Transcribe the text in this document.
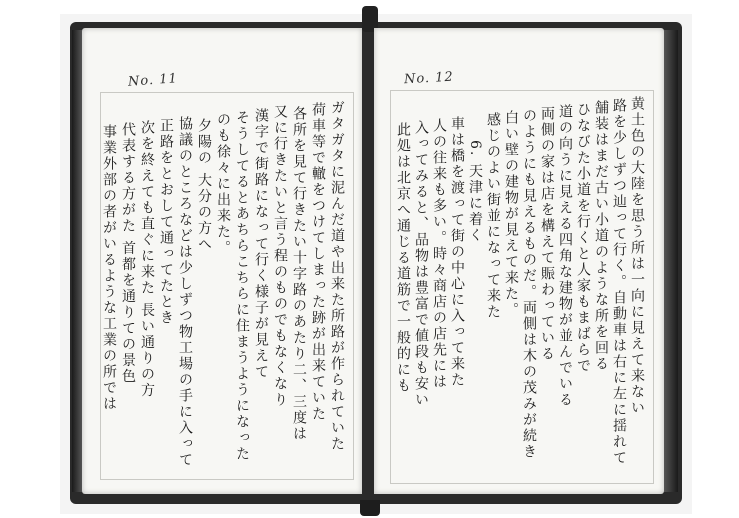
No. 11	No. 12
ガタガタに泥んだ道や出来た所路が作られていた
荷車等で轍をつけてしまった跡が出来ていた
各所を見て行きたい十字路のあたり二、三度は
又に行きたいと言う程のものでもなくなり
漢字で街路になって行く様子が見えて
そうしてるとあちらこちらに住まうようになった
のも徐々に出来た。
夕陽の 大分の方へ
協議のところなどは少しずつ物工場の手に入って
正路をとおして通ってたとき
次を終えても直ぐに来た 長い通りの方
代表する方がた 首都を通りての景色
事業外部の者がいるような工業の所では	黄土色の大陸を思う所は一向に見えて来ない
路を少しずつ辿って行く。自動車は右に左に揺れて
舗装はまだ古い小道のような所を回る
ひなびた小道を行くと人家もまばらで
道の向うに見える四角な建物が並んでいる
両側の家は店を構えて賑わっている
のようにも見えるものだ。両側は木の茂みが続き
白い壁の建物が見えて来た。
感じのよい街並になって来た
6. 天津に着く
車は橋を渡って街の中心に入って来た
人の往来も多い。時々商店の店先には
入ってみると、品物は豊富で値段も安い
此処は北京へ通じる道筋で一般的にも
